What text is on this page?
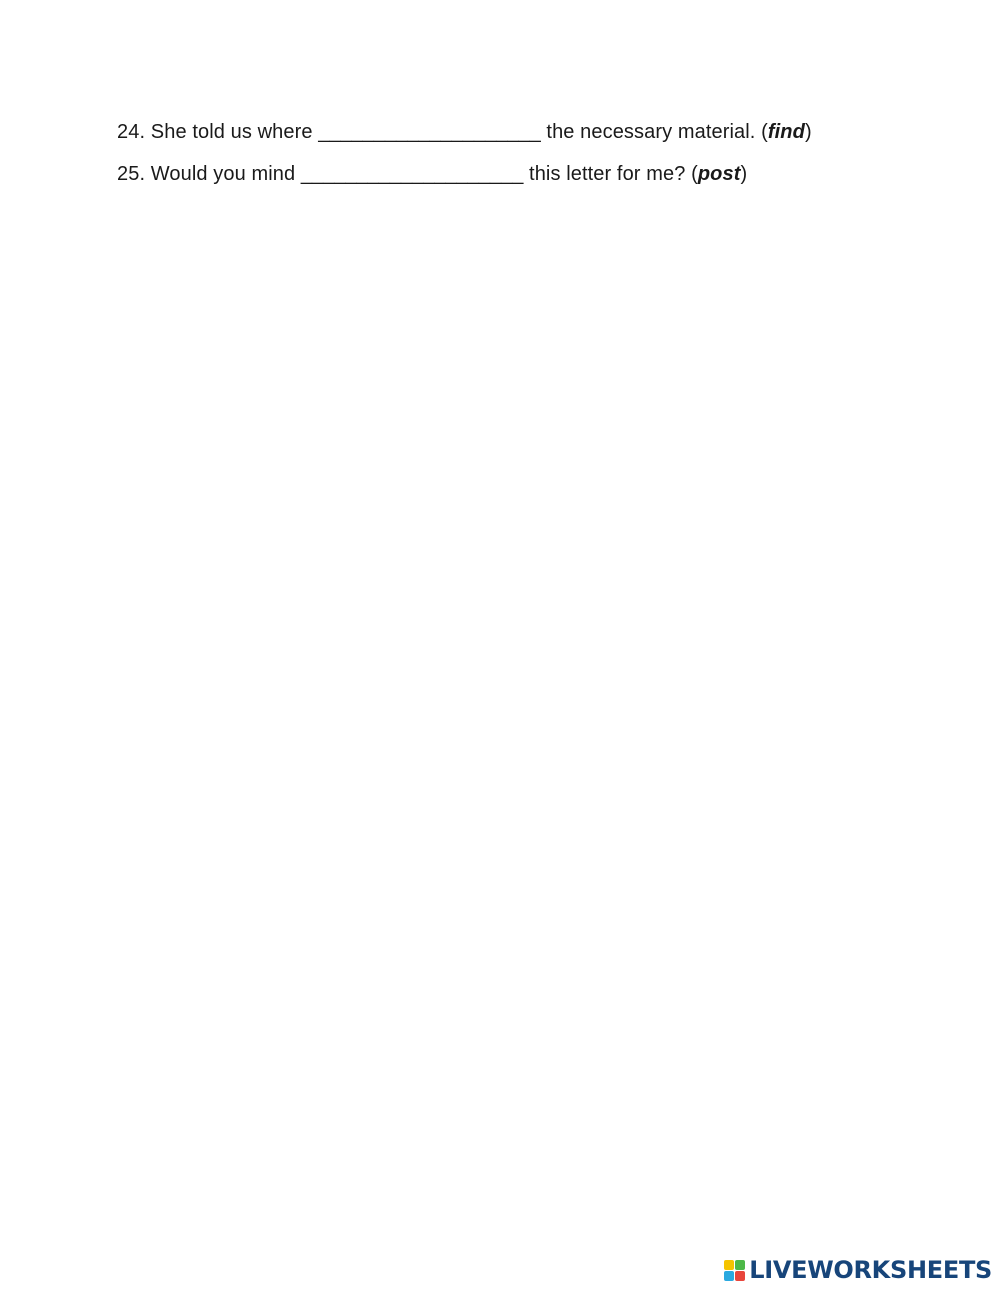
24. She told us where ____________________ the necessary material. (find)
25. Would you mind ____________________ this letter for me? (post)
LIVEWORKSHEETS
